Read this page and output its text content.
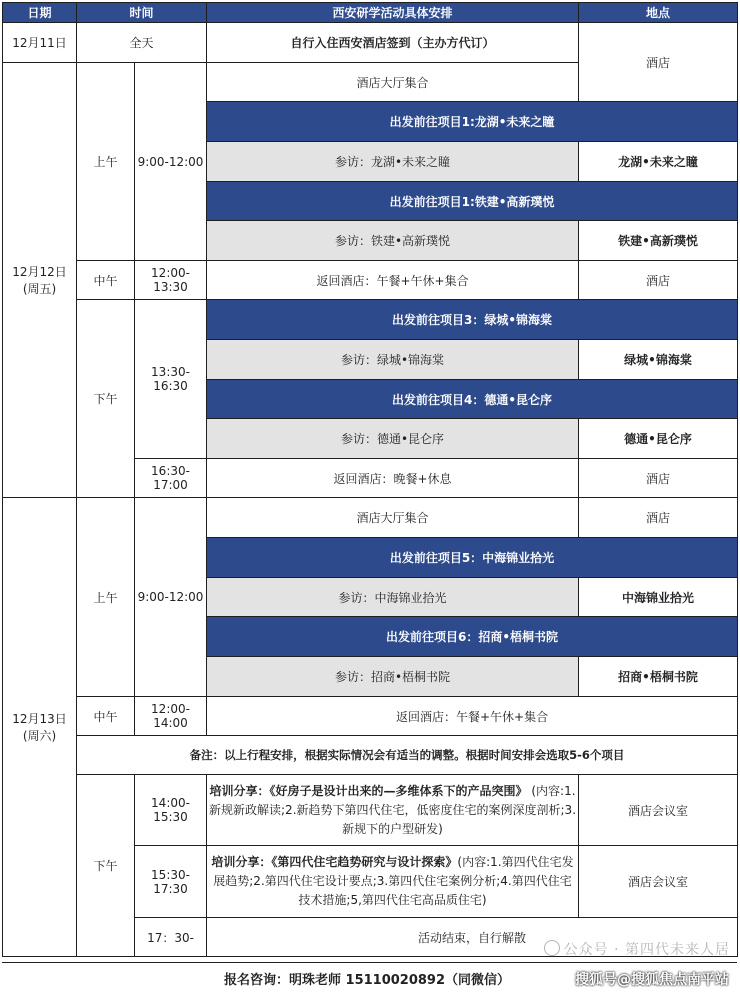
日期	时间		西安研学活动具体安排	地点
12月11日	全天		自行入住西安酒店签到（主办方代订）	酒店
12月12日
(周五)	上午	9:00-12:00	酒店大厅集合	
			出发前往项目1:龙湖•未来之瞳	
			参访：龙湖•未来之瞳	龙湖•未来之瞳
			出发前往项目1:铁建•高新璞悦	
			参访：铁建•高新璞悦	铁建•高新璞悦
	中午	12:00-13:30	返回酒店：午餐+午休+集合	酒店
	下午	13:30-16:30	出发前往项目3：绿城•锦海棠	
			参访：绿城•锦海棠	绿城•锦海棠
			出发前往项目4：德通•昆仑序	
			参访：德通•昆仑序	德通•昆仑序
		16:30-17:00	返回酒店：晚餐+休息	酒店
12月13日
(周六)	上午	9:00-12:00	酒店大厅集合	酒店
			出发前往项目5：中海锦业拾光	
			参访：中海锦业拾光	中海锦业拾光
			出发前往项目6：招商•梧桐书院	
			参访：招商•梧桐书院	招商•梧桐书院
	中午	12:00-14:00	返回酒店：午餐+午休+集合	
	备注：以上行程安排，根据实际情况会有适当的调整。根据时间安排会选取5-6个项目			
	下午	14:00-15:30	培训分享：《好房子是设计出来的—多维体系下的产品突围》 (内容:1.新规新政解读;2.新趋势下第四代住宅，低密度住宅的案例深度剖析;3.新规下的户型研发)	酒店会议室
		15:30-17:30	培训分享：《第四代住宅趋势研究与设计探索》(内容:1.第四代住宅发展趋势;2.第四代住宅设计要点;3.第四代住宅案例分析;4.第四代住宅技术措施;5,第四代住宅高品质住宅)	酒店会议室
		17：30-	活动结束，自行解散	
报名咨询：明珠老师 15110020892（同微信）	搜狐号@搜狐焦点南平站
公众号 · 第四代未来人居
